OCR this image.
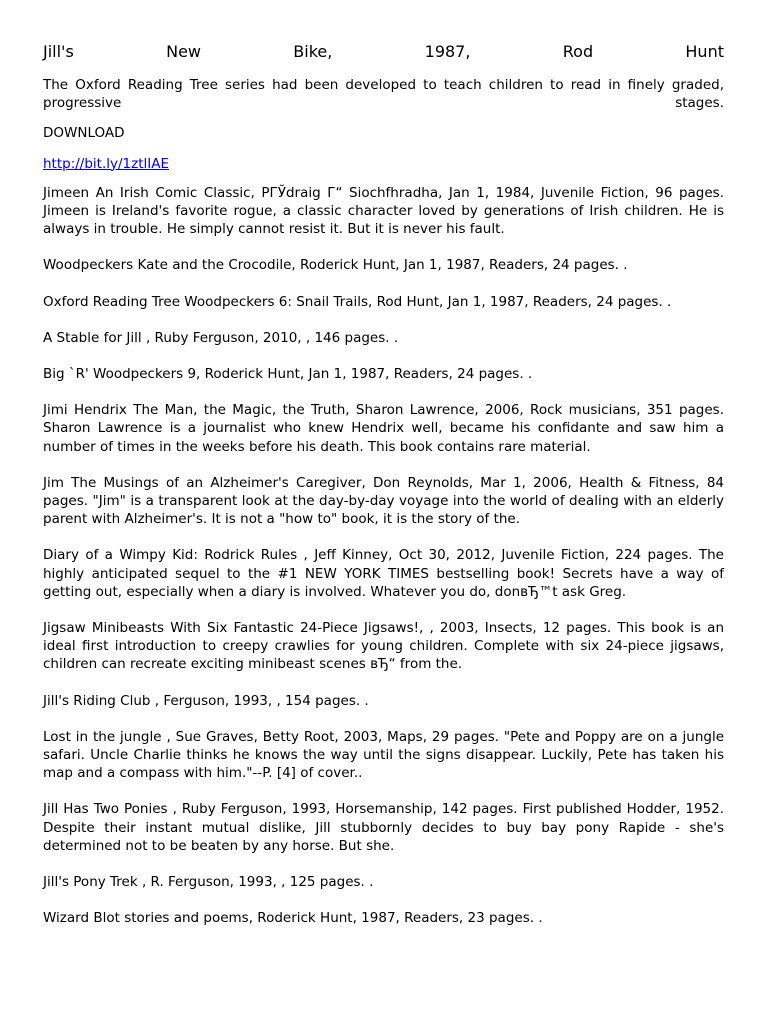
Jill's	New	Bike,	1987,	Rod	Hunt

The Oxford Reading Tree series had been developed to teach children to read in finely graded,

progressive stages.

DOWNLOAD

http://bit.ly/1ztlIAE

Jimeen An Irish Comic Classic, PГЎdraig Г“ Siochfhradha, Jan 1, 1984, Juvenile Fiction, 96 pages. Jimeen is Ireland's favorite rogue, a classic character loved by generations of Irish children. He is always in trouble. He simply cannot resist it. But it is never his fault.

Woodpeckers Kate and the Crocodile, Roderick Hunt, Jan 1, 1987, Readers, 24 pages. .

Oxford Reading Tree Woodpeckers 6: Snail Trails, Rod Hunt, Jan 1, 1987, Readers, 24 pages. .

A Stable for Jill , Ruby Ferguson, 2010, , 146 pages. .

Big `R' Woodpeckers 9, Roderick Hunt, Jan 1, 1987, Readers, 24 pages. .

Jimi Hendrix The Man, the Magic, the Truth, Sharon Lawrence, 2006, Rock musicians, 351 pages. Sharon Lawrence is a journalist who knew Hendrix well, became his confidante and saw him a number of times in the weeks before his death. This book contains rare material.

Jim The Musings of an Alzheimer's Caregiver, Don Reynolds, Mar 1, 2006, Health & Fitness, 84 pages. "Jim" is a transparent look at the day-by-day voyage into the world of dealing with an elderly parent with Alzheimer's. It is not a "how to" book, it is the story of the.

Diary of a Wimpy Kid: Rodrick Rules , Jeff Kinney, Oct 30, 2012, Juvenile Fiction, 224 pages. The highly anticipated sequel to the #1 NEW YORK TIMES bestselling book! Secrets have a way of getting out, especially when a diary is involved. Whatever you do, donвЂ™t ask Greg.

Jigsaw Minibeasts With Six Fantastic 24-Piece Jigsaws!, , 2003, Insects, 12 pages. This book is an ideal first introduction to creepy crawlies for young children. Complete with six 24-piece jigsaws, children can recreate exciting minibeast scenes вЂ“ from the.

Jill's Riding Club , Ferguson, 1993, , 154 pages. .

Lost in the jungle , Sue Graves, Betty Root, 2003, Maps, 29 pages. "Pete and Poppy are on a jungle safari. Uncle Charlie thinks he knows the way until the signs disappear. Luckily, Pete has taken his map and a compass with him."--P. [4] of cover..

Jill Has Two Ponies , Ruby Ferguson, 1993, Horsemanship, 142 pages. First published Hodder, 1952. Despite their instant mutual dislike, Jill stubbornly decides to buy bay pony Rapide - she's determined not to be beaten by any horse. But she.

Jill's Pony Trek , R. Ferguson, 1993, , 125 pages. .

Wizard Blot stories and poems, Roderick Hunt, 1987, Readers, 23 pages. .
